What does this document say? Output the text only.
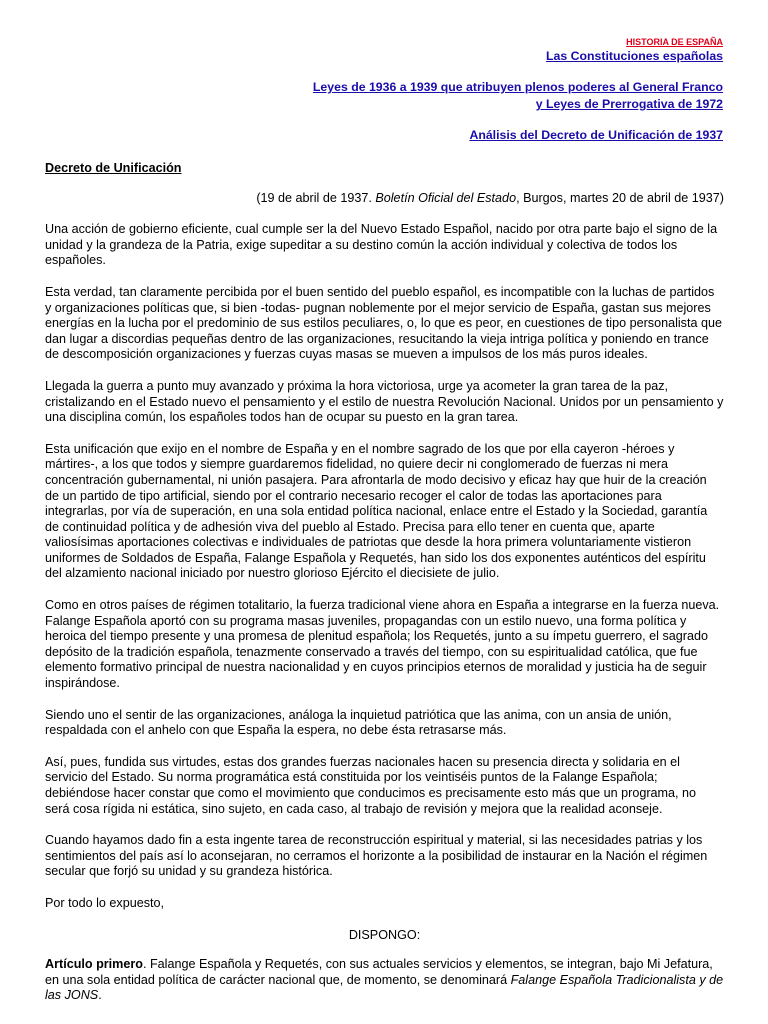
HISTORIA DE ESPAÑA
Las Constituciones españolas
Leyes de 1936 a 1939 que atribuyen plenos poderes al General Franco
y Leyes de Prerrogativa de 1972
Análisis del Decreto de Unificación de 1937

Decreto de Unificación

(19 de abril de 1937. Boletín Oficial del Estado, Burgos, martes 20 de abril de 1937)

Una acción de gobierno eficiente, cual cumple ser la del Nuevo Estado Español, nacido por otra parte bajo el signo de la unidad y la grandeza de la Patria, exige supeditar a su destino común la acción individual y colectiva de todos los españoles.

Esta verdad, tan claramente percibida por el buen sentido del pueblo español, es incompatible con la luchas de partidos y organizaciones políticas que, si bien -todas- pugnan noblemente por el mejor servicio de España, gastan sus mejores energías en la lucha por el predominio de sus estilos peculiares, o, lo que es peor, en cuestiones de tipo personalista que dan lugar a discordias pequeñas dentro de las organizaciones, resucitando la vieja intriga política y poniendo en trance de descomposición organizaciones y fuerzas cuyas masas se mueven a impulsos de los más puros ideales.

Llegada la guerra a punto muy avanzado y próxima la hora victoriosa, urge ya acometer la gran tarea de la paz, cristalizando en el Estado nuevo el pensamiento y el estilo de nuestra Revolución Nacional. Unidos por un pensamiento y una disciplina común, los españoles todos han de ocupar su puesto en la gran tarea.

Esta unificación que exijo en el nombre de España y en el nombre sagrado de los que por ella cayeron -héroes y mártires-, a los que todos y siempre guardaremos fidelidad, no quiere decir ni conglomerado de fuerzas ni mera concentración gubernamental, ni unión pasajera. Para afrontarla de modo decisivo y eficaz hay que huir de la creación de un partido de tipo artificial, siendo por el contrario necesario recoger el calor de todas las aportaciones para integrarlas, por vía de superación, en una sola entidad política nacional, enlace entre el Estado y la Sociedad, garantía de continuidad política y de adhesión viva del pueblo al Estado. Precisa para ello tener en cuenta que, aparte valiosísimas aportaciones colectivas e individuales de patriotas que desde la hora primera voluntariamente vistieron uniformes de Soldados de España, Falange Española y Requetés, han sido los dos exponentes auténticos del espíritu del alzamiento nacional iniciado por nuestro glorioso Ejército el diecisiete de julio.

Como en otros países de régimen totalitario, la fuerza tradicional viene ahora en España a integrarse en la fuerza nueva. Falange Española aportó con su programa masas juveniles, propagandas con un estilo nuevo, una forma política y heroica del tiempo presente y una promesa de plenitud española; los Requetés, junto a su ímpetu guerrero, el sagrado depósito de la tradición española, tenazmente conservado a través del tiempo, con su espiritualidad católica, que fue elemento formativo principal de nuestra nacionalidad y en cuyos principios eternos de moralidad y justicia ha de seguir inspirándose.

Siendo uno el sentir de las organizaciones, análoga la inquietud patriótica que las anima, con un ansia de unión, respaldada con el anhelo con que España la espera, no debe ésta retrasarse más.

Así, pues, fundida sus virtudes, estas dos grandes fuerzas nacionales hacen su presencia directa y solidaria en el servicio del Estado. Su norma programática está constituida por los veintiséis puntos de la Falange Española; debiéndose hacer constar que como el movimiento que conducimos es precisamente esto más que un programa, no será cosa rígida ni estática, sino sujeto, en cada caso, al trabajo de revisión y mejora que la realidad aconseje.

Cuando hayamos dado fin a esta ingente tarea de reconstrucción espiritual y material, si las necesidades patrias y los sentimientos del país así lo aconsejaran, no cerramos el horizonte a la posibilidad de instaurar en la Nación el régimen secular que forjó su unidad y su grandeza histórica.

Por todo lo expuesto,

DISPONGO:

Artículo primero. Falange Española y Requetés, con sus actuales servicios y elementos, se integran, bajo Mi Jefatura, en una sola entidad política de carácter nacional que, de momento, se denominará Falange Española Tradicionalista y de las JONS.
